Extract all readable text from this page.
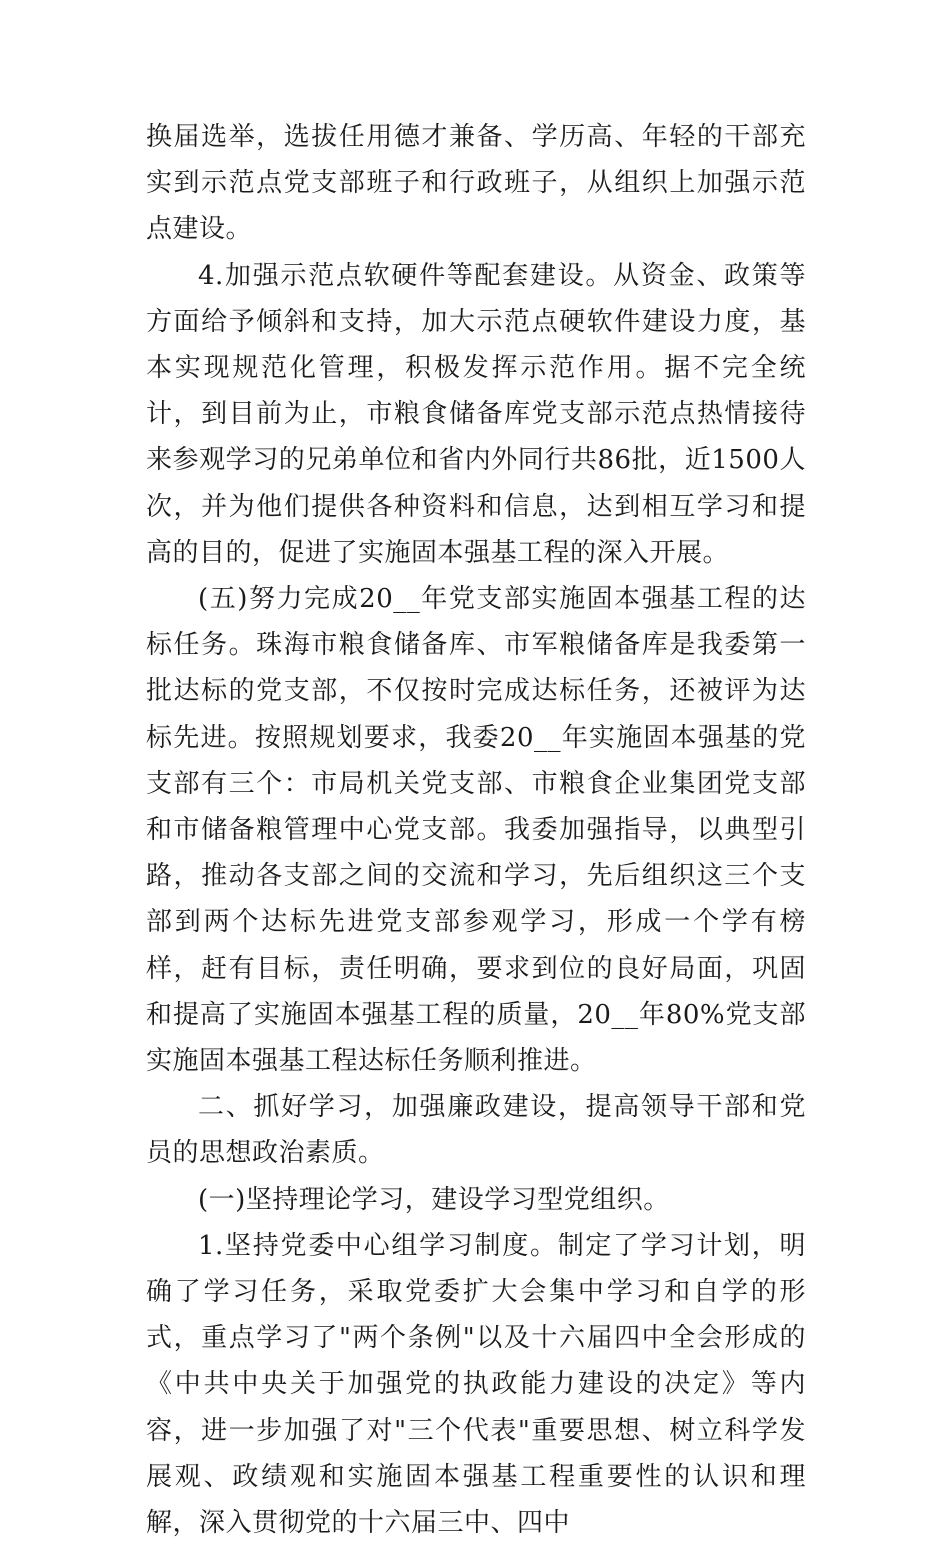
换届选举，选拔任用德才兼备、学历高、年轻的干部充实到示范点党支部班子和行政班子，从组织上加强示范点建设。

4.加强示范点软硬件等配套建设。从资金、政策等方面给予倾斜和支持，加大示范点硬软件建设力度，基本实现规范化管理，积极发挥示范作用。据不完全统计，到目前为止，市粮食储备库党支部示范点热情接待来参观学习的兄弟单位和省内外同行共86批，近1500人次，并为他们提供各种资料和信息，达到相互学习和提高的目的，促进了实施固本强基工程的深入开展。

(五)努力完成20__年党支部实施固本强基工程的达标任务。珠海市粮食储备库、市军粮储备库是我委第一批达标的党支部，不仅按时完成达标任务，还被评为达标先进。按照规划要求，我委20__年实施固本强基的党支部有三个：市局机关党支部、市粮食企业集团党支部和市储备粮管理中心党支部。我委加强指导，以典型引路，推动各支部之间的交流和学习，先后组织这三个支部到两个达标先进党支部参观学习，形成一个学有榜样，赶有目标，责任明确，要求到位的良好局面，巩固和提高了实施固本强基工程的质量，20__年80%党支部实施固本强基工程达标任务顺利推进。

二、抓好学习，加强廉政建设，提高领导干部和党员的思想政治素质。

(一)坚持理论学习，建设学习型党组织。

1.坚持党委中心组学习制度。制定了学习计划，明确了学习任务，采取党委扩大会集中学习和自学的形式，重点学习了"两个条例"以及十六届四中全会形成的《中共中央关于加强党的执政能力建设的决定》等内容，进一步加强了对"三个代表"重要思想、树立科学发展观、政绩观和实施固本强基工程重要性的认识和理解，深入贯彻党的十六届三中、四中
